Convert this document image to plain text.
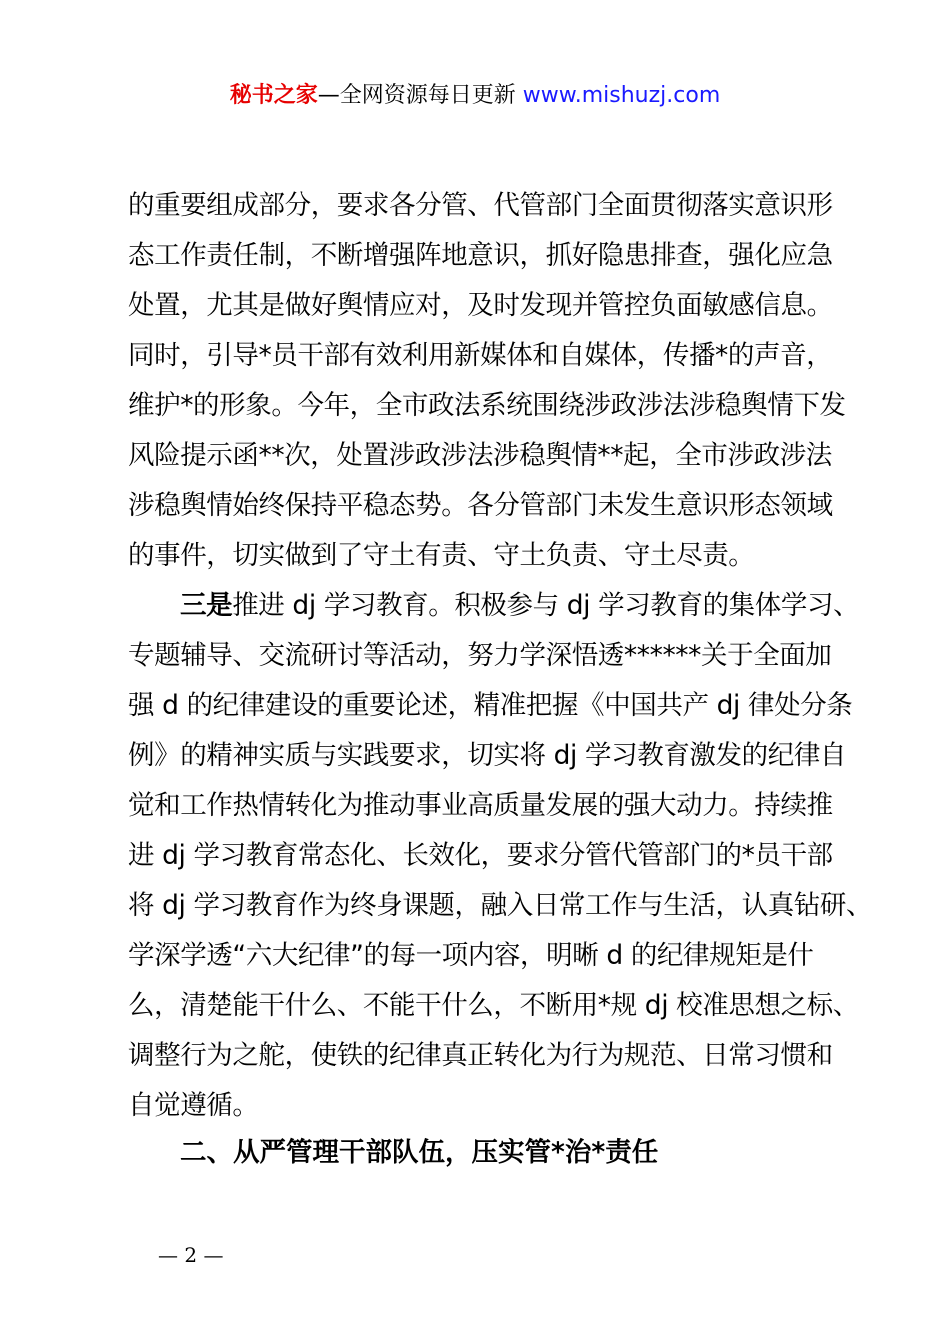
秘书之家—全网资源每日更新 www.mishuzj.com

的重要组成部分，要求各分管、代管部门全面贯彻落实意识形
态工作责任制，不断增强阵地意识，抓好隐患排查，强化应急
处置，尤其是做好舆情应对，及时发现并管控负面敏感信息。
同时，引导*员干部有效利用新媒体和自媒体，传播*的声音，
维护*的形象。今年，全市政法系统围绕涉政涉法涉稳舆情下发
风险提示函**次，处置涉政涉法涉稳舆情**起，全市涉政涉法
涉稳舆情始终保持平稳态势。各分管部门未发生意识形态领域
的事件，切实做到了守土有责、守土负责、守土尽责。

三是推进 dj 学习教育。积极参与 dj 学习教育的集体学习、
专题辅导、交流研讨等活动，努力学深悟透******关于全面加
强 d 的纪律建设的重要论述，精准把握《中国共产 dj 律处分条
例》的精神实质与实践要求，切实将 dj 学习教育激发的纪律自
觉和工作热情转化为推动事业高质量发展的强大动力。持续推
进 dj 学习教育常态化、长效化，要求分管代管部门的*员干部
将 dj 学习教育作为终身课题，融入日常工作与生活，认真钻研、
学深学透“六大纪律”的每一项内容，明晰 d 的纪律规矩是什
么，清楚能干什么、不能干什么，不断用*规 dj 校准思想之标、
调整行为之舵，使铁的纪律真正转化为行为规范、日常习惯和
自觉遵循。

二、从严管理干部队伍，压实管*治*责任
— 2 —
